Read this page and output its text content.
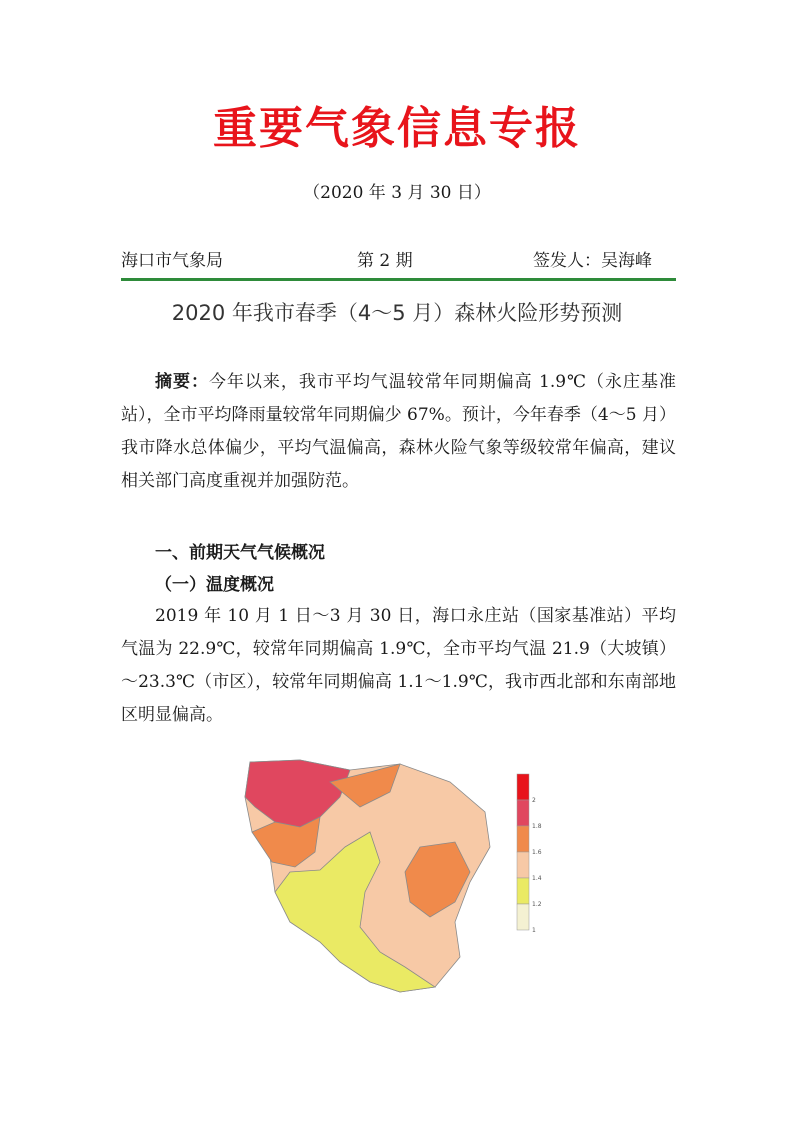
重要气象信息专报
（2020 年 3 月 30 日）
海口市气象局	第 2 期	签发人：吴海峰
2020 年我市春季（4～5 月）森林火险形势预测

摘要：今年以来，我市平均气温较常年同期偏高 1.9℃（永庄基准站），全市平均降雨量较常年同期偏少 67%。预计，今年春季（4～5 月）我市降水总体偏少，平均气温偏高，森林火险气象等级较常年偏高，建议相关部门高度重视并加强防范。

一、前期天气气候概况
（一）温度概况

2019 年 10 月 1 日～3 月 30 日，海口永庄站（国家基准站）平均气温为 22.9℃，较常年同期偏高 1.9℃，全市平均气温 21.9（大坡镇）～23.3℃（市区），较常年同期偏高 1.1～1.9℃，我市西北部和东南部地区明显偏高。

2
1.8
1.6
1.4
1.2
1
